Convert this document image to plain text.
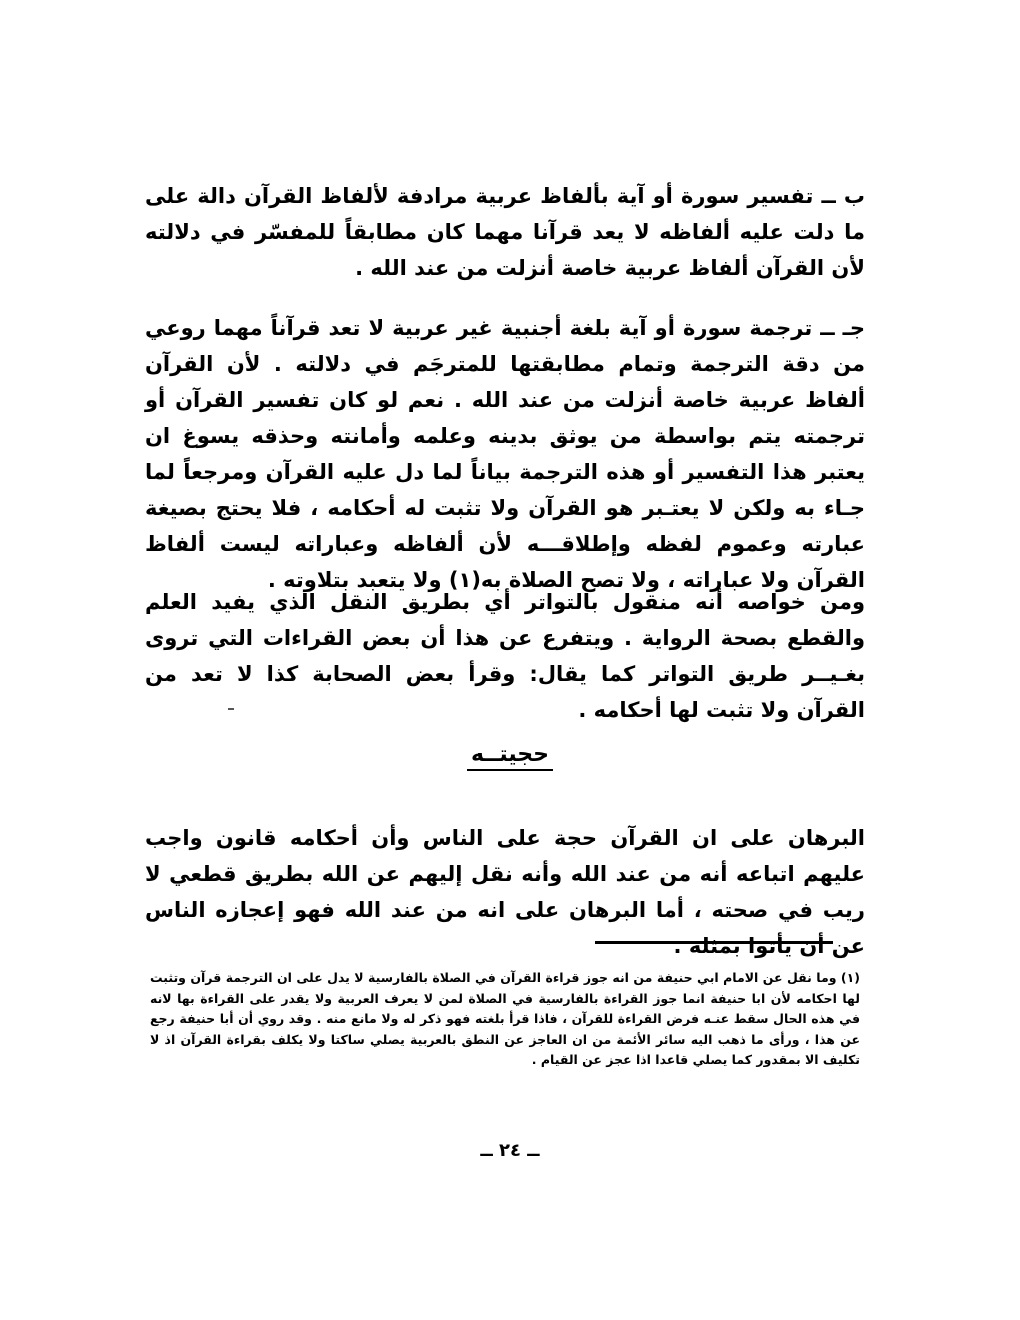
ب ــ تفسير سورة أو آية بألفاظ عربية مرادفة لألفاظ القرآن دالة على ما دلت عليه ألفاظه لا يعد قرآنا مهما كان مطابقاً للمفسّر في دلالته لأن القرآن ألفاظ عربية خاصة أنزلت من عند الله .

جـ ــ ترجمة سورة أو آية بلغة أجنبية غير عربية لا تعد قرآناً مهما روعي من دقة الترجمة وتمام مطابقتها للمترجَم في دلالته . لأن القرآن ألفاظ عربية خاصة أنزلت من عند الله . نعم لو كان تفسير القرآن أو ترجمته يتم بواسطة من يوثق بدينه وعلمه وأمانته وحذقه يسوغ ان يعتبر هذا التفسير أو هذه الترجمة بياناً لما دل عليه القرآن ومرجعاً لما جـاء به ولكن لا يعتـبر هو القرآن ولا تثبت له أحكامه ، فلا يحتج بصيغة عبارته وعموم لفظه وإطلاقـــه لأن ألفاظه وعباراته ليست ألفاظ القرآن ولا عباراته ، ولا تصح الصلاة به(١) ولا يتعبد بتلاوته .

ومن خواصه أنه منقول بالتواتر أي بطريق النقل الذي يفيد العلم والقطع بصحة الرواية . ويتفرع عن هذا أن بعض القراءات التي تروى بغـيــر طريق التواتر كما يقال: وقرأ بعض الصحابة كذا لا تعد من القرآن ولا تثبت لها أحكامه .

حجيتــه

البرهان على ان القرآن حجة على الناس وأن أحكامه قانون واجب عليهم اتباعه أنه من عند الله وأنه نقل إليهم عن الله بطريق قطعي لا ريب في صحته ، أما البرهان على انه من عند الله فهو إعجازه الناس عن أن يأتوا بمثله .

(١) وما نقل عن الامام ابي حنيفة من انه جوز قراءة القرآن في الصلاة بالفارسية لا يدل على ان الترجمة قرآن وتثبت لها احكامه لأن ابا حنيفة انما جوز القراءة بالفارسية في الصلاة لمن لا يعرف العربية ولا يقدر على القراءة بها لانه في هذه الحال سقط عنـه فرض القراءة للقرآن ، فاذا قرأ بلغته فهو ذكر له ولا مانع منه . وقد روي أن أبا حنيفة رجع عن هذا ، ورأى ما ذهب اليه سائر الأئمة من ان العاجز عن النطق بالعربية يصلي ساكتا ولا يكلف بقراءة القرآن اذ لا تكليف الا بمقدور كما يصلي قاعدا اذا عجز عن القيام .

ــ ٢٤ ــ
